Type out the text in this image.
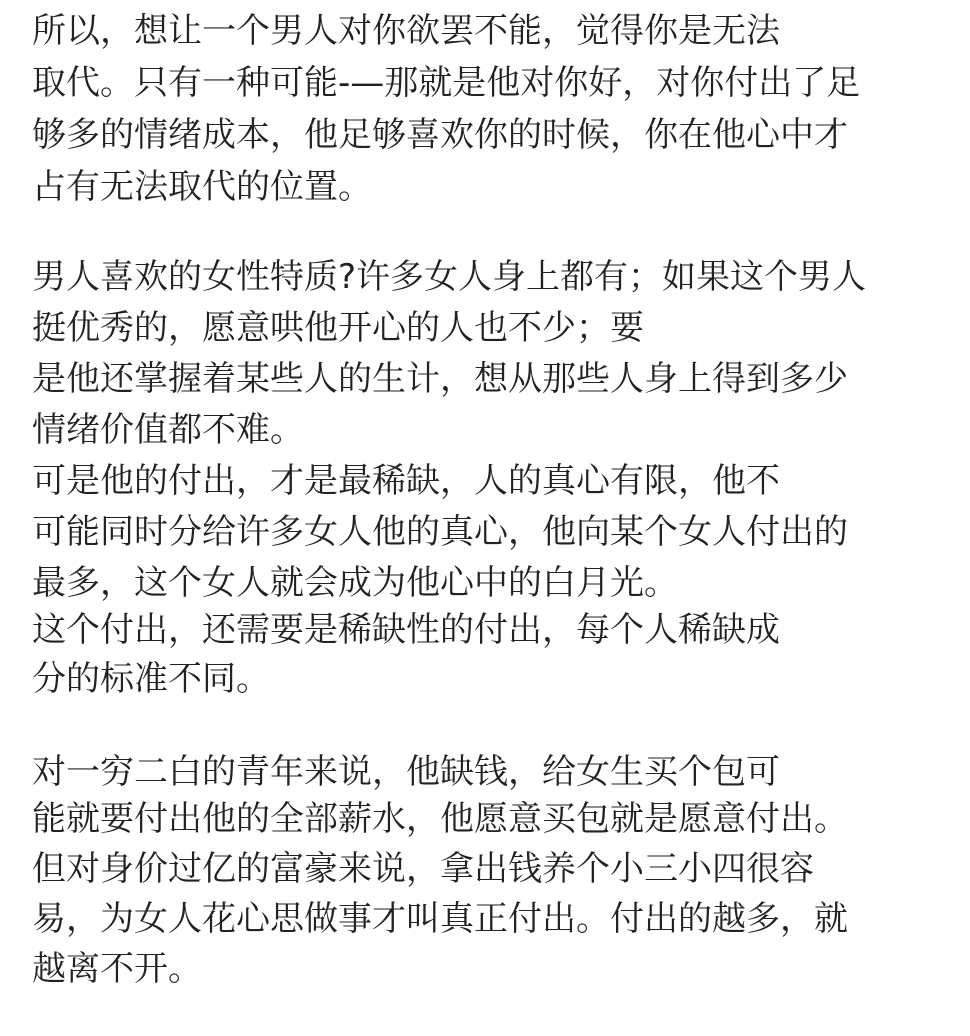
所以，想让一个男人对你欲罢不能，觉得你是无法

取代。只有一种可能-—那就是他对你好，对你付出了足

够多的情绪成本，他足够喜欢你的时候，你在他心中才

占有无法取代的位置。

男人喜欢的女性特质?许多女人身上都有；如果这个男人

挺优秀的，愿意哄他开心的人也不少；要

是他还掌握着某些人的生计，想从那些人身上得到多少

情绪价值都不难。

可是他的付出，才是最稀缺，人的真心有限，他不

可能同时分给许多女人他的真心，他向某个女人付出的

最多，这个女人就会成为他心中的白月光。

这个付出，还需要是稀缺性的付出，每个人稀缺成

分的标准不同。

对一穷二白的青年来说，他缺钱，给女生买个包可

能就要付出他的全部薪水，他愿意买包就是愿意付出。

但对身价过亿的富豪来说，拿出钱养个小三小四很容

易，为女人花心思做事才叫真正付出。付出的越多，就

越离不开。
